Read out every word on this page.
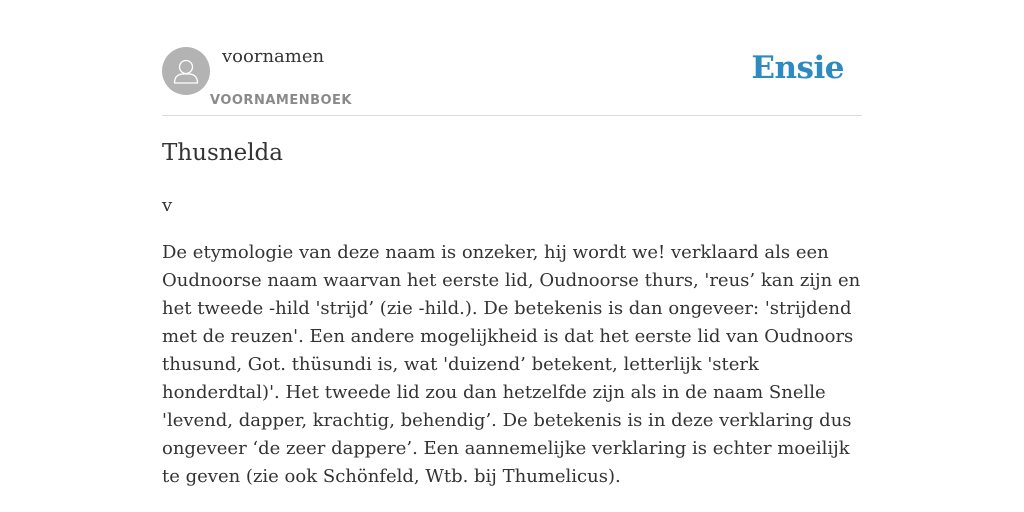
voornamen
VOORNAMENBOEK
Ensie
Thusnelda

v

De etymologie van deze naam is onzeker, hij wordt we! verklaard als een Oudnoorse naam waarvan het eerste lid, Oudnoorse thurs, 'reus’ kan zijn en het tweede -hild 'strijd’ (zie -hild.). De betekenis is dan ongeveer: 'strijdend met de reuzen'. Een andere mogelijkheid is dat het eerste lid van Oudnoors thusund, Got. thüsundi is, wat 'duizend’ betekent, letterlijk 'sterk honderdtal)'. Het tweede lid zou dan hetzelfde zijn als in de naam Snelle 'levend, dapper, krachtig, behendig’. De betekenis is in deze verklaring dus ongeveer ‘de zeer dappere’. Een aannemelijke verklaring is echter moeilijk te geven (zie ook Schönfeld, Wtb. bij Thumelicus).
